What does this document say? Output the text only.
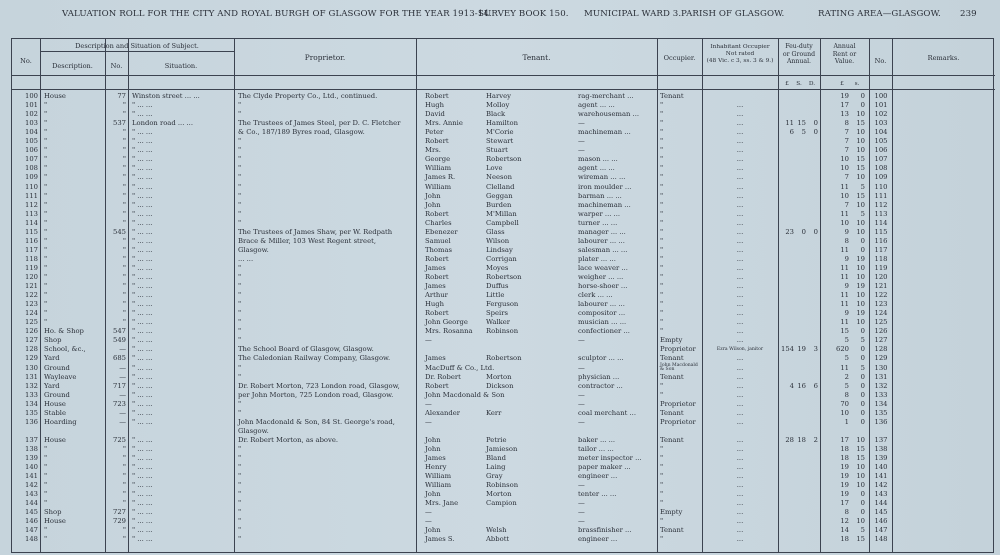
VALUATION ROLL FOR THE CITY AND ROYAL BURGH OF GLASGOW FOR THE YEAR 1913-14.
SURVEY BOOK 150. MUNICIPAL WARD 3. PARISH OF GLASGOW.	RATING AREA—GLASGOW. 239
No.
Description and Situation of Subject.
Description.	No.	Situation.
Proprietor.	Tenant.	Occupier.
Inhabitant Occupier
Not rated
(48 Vic. c 3, ss. 3 & 9.)
Feu-duty
or Ground
Annual.
Annual
Rent or
Value.	No.	Remarks.
£	S.	D.	£	s.
100 House	77 Winston street ... ...	The Clyde Property Co., Ltd., continued.	Robert	Harvey	rag-merchant ...	Tenant	19	0	100
101 "	" " ... ...	"	Hugh	Molloy	agent ... ...	"	...	17	0	101
102 "	" " ... ...	"	David	Black	warehouseman ...	"	...	13	10	102
103 "	537 London road ... ...	The Trustees of James Steel, per D. C. Fletcher	Mrs. Annie	Hamilton	—	"	...	11 15	0	8	15	103
104 "	" " ... ...	& Co., 187/189 Byres road, Glasgow.	Peter	M'Corie	machineman ...	"	...	6	5	0	7	10	104
105 "	" " ... ...	"	Robert	Stewart	—	"	...	7	10	105
106 "	" " ... ...	"	Mrs.	Stuart	—	"	...	7	10	106
107 "	" " ... ...	"	George	Robertson	mason ... ...	"	...	10	15	107
108 "	" " ... ...	"	William	Love	agent ... ...	"	...	10	15	108
109 "	" " ... ...	"	James R.	Neeson	wireman ... ...	"	...	7	10	109
110 "	" " ... ...	"	William	Clelland	iron moulder ...	"	...	11	5	110
111 "	" " ... ...	"	John	Geggan	barman ... ...	"	...	10	15	111
112 "	" " ... ...	"	John	Burden	machineman ...	"	...	7	10	112
113 "	" " ... ...	"	Robert	M'Millan	warper ... ...	"	...	11	5	113
114 "	" " ... ...	"	Charles	Campbell	turner ... ...	"	...	10	10	114
115 "	545 " ... ...	The Trustees of James Shaw, per W. Redpath	Ebenezer	Glass	manager ... ...	"	...	23	0	0	9	10	115
116 "	" " ... ...	Brace & Miller, 103 West Regent street,	Samuel	Wilson	labourer ... ...	"	...	8	0	116
117 "	" " ... ...	Glasgow.	Thomas	Lindsay	salesman ... ...	"	...	11	0	117
118 "	" " ... ...	... ...	Robert	Corrigan	plater ... ...	"	...	9	19	118
119 "	" " ... ...	"	James	Moyes	lace weaver ...	"	...	11	10	119
120 "	" " ... ...	"	Robert	Robertson	weigher ... ...	"	...	11	10	120
121 "	" " ... ...	"	James	Duffus	horse-shoer ...	"	...	9	19	121
122 "	" " ... ...	"	Arthur	Little	clerk ... ...	"	...	11	10	122
123 "	" " ... ...	"	Hugh	Ferguson	labourer ... ...	"	...	11	10	123
124 "	" " ... ...	"	Robert	Speirs	compositor ...	"	...	9	19	124
125 "	" " ... ...	"	John George	Walker	musician ... ...	"	...	11	10	125
126 Ho. & Shop	547 " ... ...	"	Mrs. Rosanna	Robinson	confectioner ...	"	...	15	0	126
127 Shop	549 " ... ...	"	—	—	Empty	...	5	5	127
128 School, &c.,	— " ... ...	The School Board of Glasgow, Glasgow.	Proprietor	Ezra Wilson, janitor	154 19	3	620	0	128
129 Yard	685 " ... ...	The Caledonian Railway Company, Glasgow.	James	Robertson	sculptor ... ...	Tenant	...	5	0	129
130 Ground	— " ... ...	"	MacDuff & Co., Ltd.	—	John Macdonald & Son	...	11	5	130
131 Wayleave	— " ... ...	"	Dr. Robert	Morton	physician ...	Tenant	...	2	0	131
132 Yard	717 " ... ...	Dr. Robert Morton, 723 London road, Glasgow,	Robert	Dickson	contractor ...	"	...	4 16	6	5	0	132
133 Ground	— " ... ...	per John Morton, 725 London road, Glasgow.	John Macdonald & Son	—	"	...	8	0	133
134 House	723 " ... ...	"	—	—	Proprietor	...	70	0	134
135 Stable	— " ... ...	"	Alexander	Kerr	coal merchant ...	Tenant	...	10	0	135
136 Hoarding	— " ... ...	John Macdonald & Son, 84 St. George's road,	—	—	Proprietor	...	1	0	136
Glasgow.
137 House	725 " ... ...	Dr. Robert Morton, as above.	John	Petrie	baker ... ...	Tenant	...	28 18	2	17	10	137
138 "	" " ... ...	"	John	Jamieson	tailor ... ...	"	...	18	15	138
139 "	" " ... ...	"	James	Bland	meter inspector ...	"	...	18	15	139
140 "	" " ... ...	"	Henry	Laing	paper maker ...	"	...	19	10	140
141 "	" " ... ...	"	William	Gray	engineer ...	"	...	19	10	141
142 "	" " ... ...	"	William	Robinson	—	"	...	19	10	142
143 "	" " ... ...	"	John	Morton	tenter ... ...	"	...	19	0	143
144 "	" " ... ...	"	Mrs. Jane	Campion	—	"	...	17	0	144
145 Shop	727 " ... ...	"	—	—	Empty	...	8	0	145
146 House	729 " ... ...	"	—	—	"	...	12	10	146
147 "	" " ... ...	"	John	Welsh	brassfinisher ...	Tenant	...	14	5	147
148 "	" " ... ...	"	James S.	Abbott	engineer ...	"	...	18	15	148
